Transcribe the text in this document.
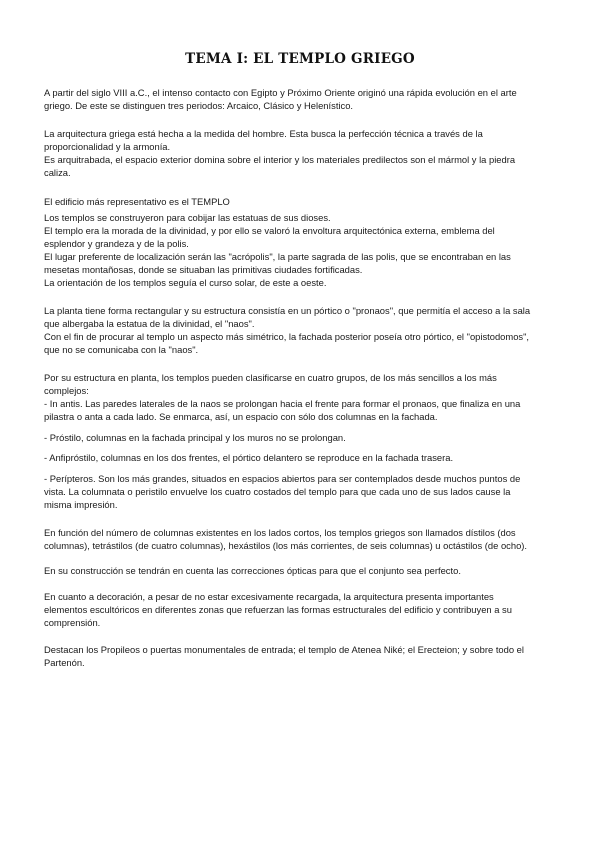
TEMA I: EL TEMPLO GRIEGO
A partir del siglo VIII a.C., el intenso contacto con Egipto y Próximo Oriente originó una rápida evolución en el arte
griego. De este se distinguen tres periodos: Arcaico, Clásico y Helenístico.
La arquitectura griega está hecha a la medida del hombre. Esta busca la perfección técnica a través de la
proporcionalidad y la armonía.
Es arquitrabada, el espacio exterior domina sobre el interior y los materiales predilectos son el mármol y la piedra
caliza.
El edificio más representativo es el TEMPLO
Los templos se construyeron para cobijar las estatuas de sus dioses.
El templo era la morada de la divinidad, y por ello se valoró la envoltura arquitectónica externa, emblema del
esplendor y grandeza y de la polis.
El lugar preferente de localización serán las "acrópolis", la parte sagrada de las polis, que se encontraban en las
mesetas montañosas, donde se situaban las primitivas ciudades fortificadas.
La orientación de los templos seguía el curso solar, de este a oeste.
La planta tiene forma rectangular y su estructura consistía en un pórtico o "pronaos", que permitía el acceso a la sala
que albergaba la estatua de la divinidad, el "naos".
Con el fin de procurar al templo un aspecto más simétrico, la fachada posterior poseía otro pórtico, el "opistodomos",
que no se comunicaba con la "naos".
Por su estructura en planta, los templos pueden clasificarse en cuatro grupos, de los más sencillos a los más
complejos:
- In antis. Las paredes laterales de la naos se prolongan hacia el frente para formar el pronaos, que finaliza en una
pilastra o anta a cada lado. Se enmarca, así, un espacio con sólo dos columnas en la fachada.
- Próstilo, columnas en la fachada principal y los muros no se prolongan.
- Anfipróstilo, columnas en los dos frentes, el pórtico delantero se reproduce en la fachada trasera.
- Perípteros. Son los más grandes, situados en espacios abiertos para ser contemplados desde muchos puntos de
vista. La columnata o peristilo envuelve los cuatro costados del templo para que cada uno de sus lados cause la
misma impresión.
En función del número de columnas existentes en los lados cortos, los templos griegos son llamados dístilos (dos
columnas), tetrástilos (de cuatro columnas), hexástilos (los más corrientes, de seis columnas) u octástilos (de ocho).
En su construcción se tendrán en cuenta las correcciones ópticas para que el conjunto sea perfecto.
En cuanto a decoración, a pesar de no estar excesivamente recargada, la arquitectura presenta importantes
elementos escultóricos en diferentes zonas que refuerzan las formas estructurales del edificio y contribuyen a su
comprensión.
Destacan los Propileos o puertas monumentales de entrada; el templo de Atenea Niké; el Erecteion; y sobre todo el
Partenón.
